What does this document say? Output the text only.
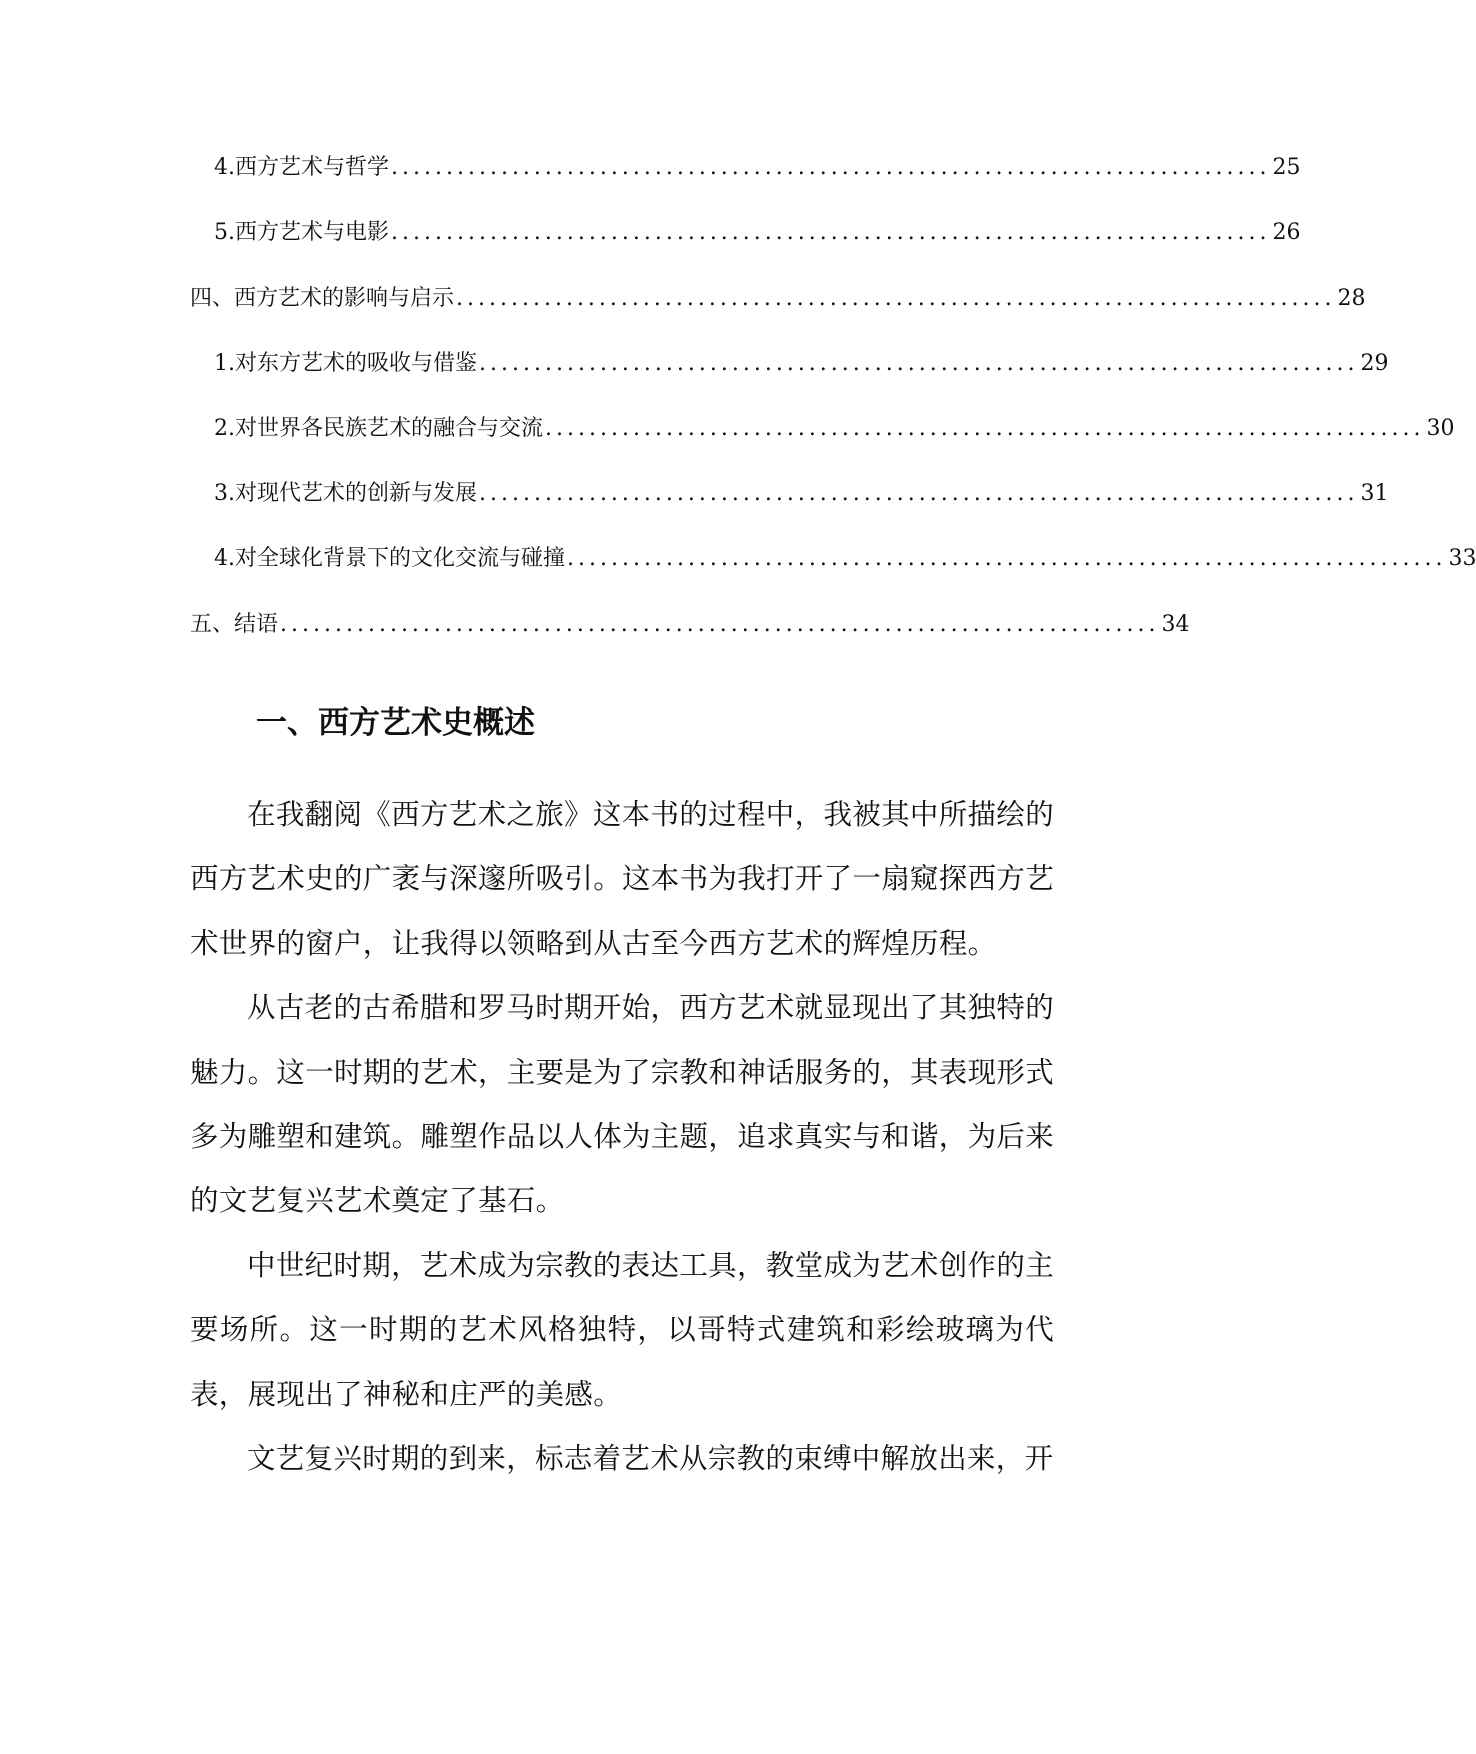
4. 西方艺术与哲学 ................................................................................ 25
5. 西方艺术与电影 ................................................................................ 26
四、西方艺术的影响与启示 ................................................................................ 28
1. 对东方艺术的吸收与借鉴 ................................................................................ 29
2. 对世界各民族艺术的融合与交流 ................................................................................ 30
3. 对现代艺术的创新与发展 ................................................................................ 31
4. 对全球化背景下的文化交流与碰撞 ................................................................................ 33
五、结语 ................................................................................ 34
一、西方艺术史概述

在我翻阅《西方艺术之旅》这本书的过程中，我被其中所描绘的西方艺术史的广袤与深邃所吸引。这本书为我打开了一扇窥探西方艺术世界的窗户，让我得以领略到从古至今西方艺术的辉煌历程。

从古老的古希腊和罗马时期开始，西方艺术就显现出了其独特的魅力。这一时期的艺术，主要是为了宗教和神话服务的，其表现形式多为雕塑和建筑。雕塑作品以人体为主题，追求真实与和谐，为后来的文艺复兴艺术奠定了基石。

中世纪时期，艺术成为宗教的表达工具，教堂成为艺术创作的主要场所。这一时期的艺术风格独特，以哥特式建筑和彩绘玻璃为代表，展现出了神秘和庄严的美感。

文艺复兴时期的到来，标志着艺术从宗教的束缚中解放出来，开
